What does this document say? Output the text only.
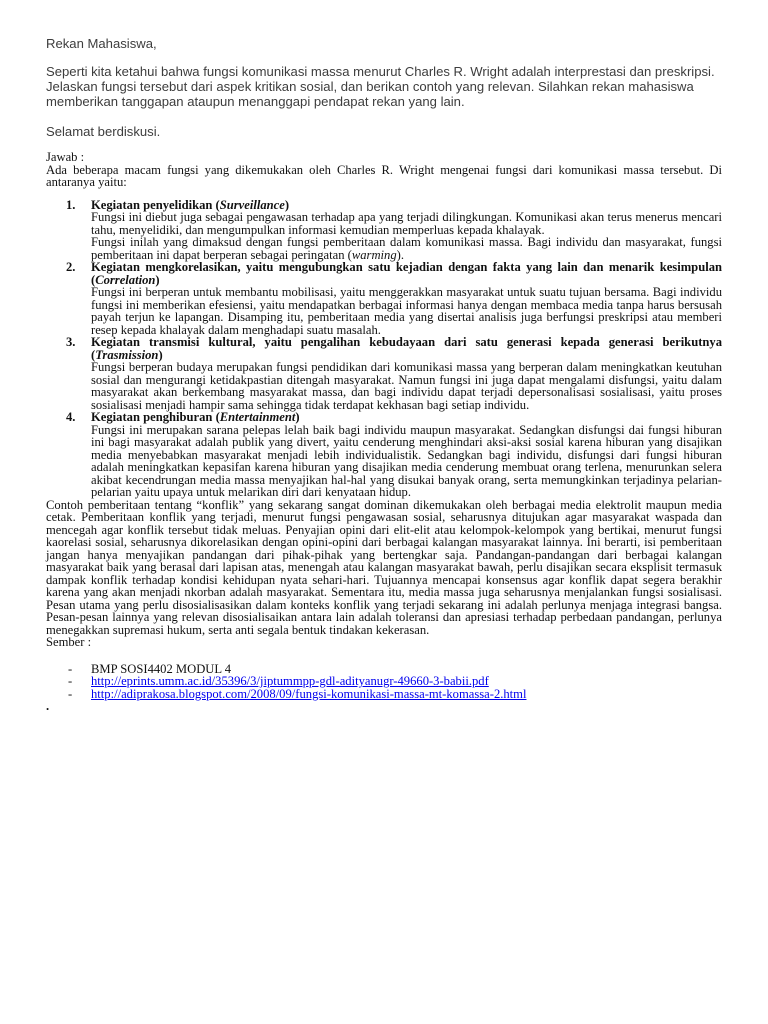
Rekan Mahasiswa,

Seperti kita ketahui bahwa fungsi komunikasi massa menurut Charles R. Wright adalah interprestasi dan preskripsi. Jelaskan fungsi tersebut dari aspek kritikan sosial, dan berikan contoh yang relevan. Silahkan rekan mahasiswa memberikan tanggapan ataupun menanggapi pendapat rekan yang lain.

Selamat berdiskusi.

Jawab :

Ada beberapa macam fungsi yang dikemukakan oleh Charles R. Wright mengenai fungsi dari komunikasi massa tersebut. Di antaranya yaitu:

1. Kegiatan penyelidikan (Surveillance)

Fungsi ini diebut juga sebagai pengawasan terhadap apa yang terjadi dilingkungan. Komunikasi akan terus menerus mencari tahu, menyelidiki, dan mengumpulkan informasi kemudian memperluas kepada khalayak.

Fungsi inilah yang dimaksud dengan fungsi pemberitaan dalam komunikasi massa. Bagi individu dan masyarakat, fungsi pemberitaan ini dapat berperan sebagai peringatan (warming).

2. Kegiatan mengkorelasikan, yaitu mengubungkan satu kejadian dengan fakta yang lain dan menarik kesimpulan (Correlation)

Fungsi ini berperan untuk membantu mobilisasi, yaitu menggerakkan masyarakat untuk suatu tujuan bersama. Bagi individu fungsi ini memberikan efesiensi, yaitu mendapatkan berbagai informasi hanya dengan membaca media tanpa harus bersusah payah terjun ke lapangan. Disamping itu, pemberitaan media yang disertai analisis juga berfungsi preskripsi atau memberi resep kepada khalayak dalam menghadapi suatu masalah.

3. Kegiatan transmisi kultural, yaitu pengalihan kebudayaan dari satu generasi kepada generasi berikutnya (Trasmission)

Fungsi berperan budaya merupakan fungsi pendidikan dari komunikasi massa yang berperan dalam meningkatkan keutuhan sosial dan mengurangi ketidakpastian ditengah masyarakat. Namun fungsi ini juga dapat mengalami disfungsi, yaitu dalam masyarakat akan berkembang masyarakat massa, dan bagi individu dapat terjadi depersonalisasi sosialisasi, yaitu proses sosialisasi menjadi hampir sama sehingga tidak terdapat kekhasan bagi setiap individu.

4. Kegiatan penghiburan (Entertainment)

Fungsi ini merupakan sarana pelepas lelah baik bagi individu maupun masyarakat. Sedangkan disfungsi dai fungsi hiburan ini bagi masyarakat adalah publik yang divert, yaitu cenderung menghindari aksi-aksi sosial karena hiburan yang disajikan media menyebabkan masyarakat menjadi lebih individualistik. Sedangkan bagi individu, disfungsi dari fungsi hiburan adalah meningkatkan kepasifan karena hiburan yang disajikan media cenderung membuat orang terlena, menurunkan selera akibat kecendrungan media massa menyajikan hal-hal yang disukai banyak orang, serta memungkinkan terjadinya pelarian-pelarian yaitu upaya untuk melarikan diri dari kenyataan hidup.

Contoh pemberitaan tentang “konflik” yang sekarang sangat dominan dikemukakan oleh berbagai media elektrolit maupun media cetak. Pemberitaan konflik yang terjadi, menurut fungsi pengawasan sosial, seharusnya ditujukan agar masyarakat waspada dan mencegah agar konflik tersebut tidak meluas. Penyajian opini dari elit-elit atau kelompok-kelompok yang bertikai, menurut fungsi kaorelasi sosial, seharusnya dikorelasikan dengan opini-opini dari berbagai kalangan masyarakat lainnya. Ini berarti, isi pemberitaan jangan hanya menyajikan pandangan dari pihak-pihak yang bertengkar saja. Pandangan-pandangan dari berbagai kalangan masyarakat baik yang berasal dari lapisan atas, menengah atau kalangan masyarakat bawah, perlu disajikan secara eksplisit termasuk dampak konflik terhadap kondisi kehidupan nyata sehari-hari. Tujuannya mencapai konsensus agar konflik dapat segera berakhir karena yang akan menjadi nkorban adalah masyarakat. Sementara itu, media massa juga seharusnya menjalankan fungsi sosialisasi. Pesan utama yang perlu disosialisasikan dalam konteks konflik yang terjadi sekarang ini adalah perlunya menjaga integrasi bangsa. Pesan-pesan lainnya yang relevan disosialisaikan antara lain adalah toleransi dan apresiasi terhadap perbedaan pandangan, perlunya menegakkan supremasi hukum, serta anti segala bentuk tindakan kekerasan.

Sember :

- BMP SOSI4402 MODUL 4
- http://eprints.umm.ac.id/35396/3/jiptummpp-gdl-adityanugr-49660-3-babii.pdf
- http://adiprakosa.blogspot.com/2008/09/fungsi-komunikasi-massa-mt-komassa-2.html

.
